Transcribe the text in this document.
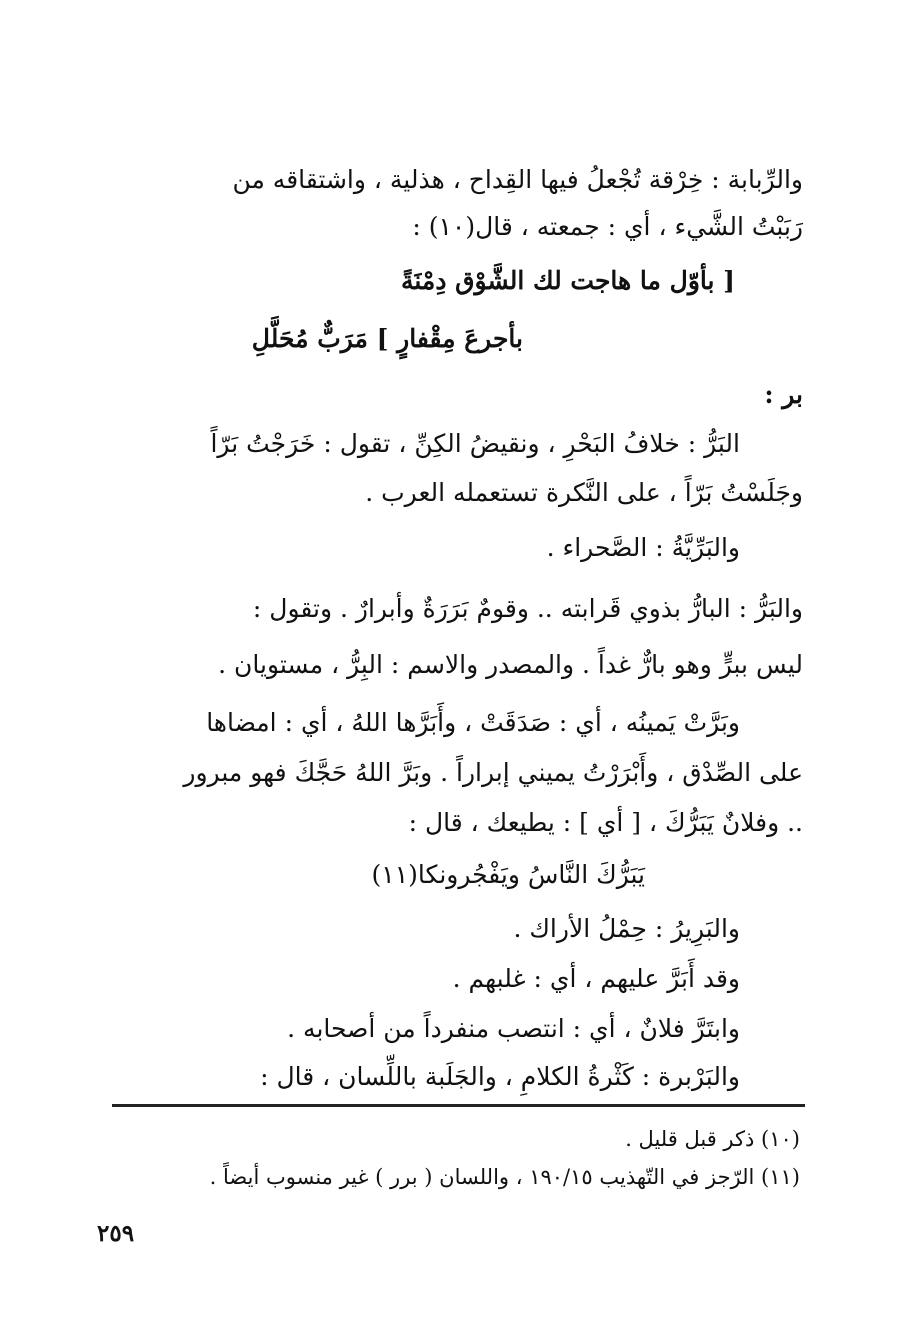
والرِّبابة : خِرْقة تُجْعلُ فيها القِداح ، هذلية ، واشتقاقه من
رَبَبْتُ الشَّيء ، أي : جمعته ، قال(١٠) :
[ بأوّل ما هاجت لك الشَّوْق دِمْنَةً
بأجرعَ مِقْفارٍ ] مَرَبٌّ مُحَلَّلِ
بر :
البَرُّ : خلافُ البَحْرِ ، ونقيضُ الكِنِّ ، تقول : خَرَجْتُ بَرّاً
وجَلَسْتُ بَرّاً ، على النَّكرة تستعمله العرب .
والبَرِّيَّةُ : الصَّحراء .
والبَرُّ : البارُّ بذوي قَرابته .. وقومٌ بَرَرَةٌ وأبرارٌ . وتقول :
ليس ببرٍّ وهو بارٌّ غداً . والمصدر والاسم : البِرُّ ، مستويان .
وبَرَّتْ يَمينُه ، أي : صَدَقَتْ ، وأَبَرَّها اللهُ ، أي : امضاها
على الصِّدْق ، وأَبْرَرْتُ يميني إبراراً . وبَرَّ اللهُ حَجَّكَ فهو مبرور
.. وفلانٌ يَبَرُّكَ ، [ أي ] : يطيعك ، قال :
يَبَرُّكَ النَّاسُ ويَفْجُرونكا(١١)
والبَرِيرُ : حِمْلُ الأراك .
وقد أَبَرَّ عليهم ، أي : غلبهم .
وابتَرَّ فلانٌ ، أي : انتصب منفرداً من أصحابه .
والبَرْبرة : كَثْرةُ الكلامِ ، والجَلَبة باللِّسان ، قال :
(١٠) ذكر قبل قليل .
(١١) الرّجز في التّهذيب ١٩٠/١٥ ، واللسان ( برر ) غير منسوب أيضاً .
٢٥٩
